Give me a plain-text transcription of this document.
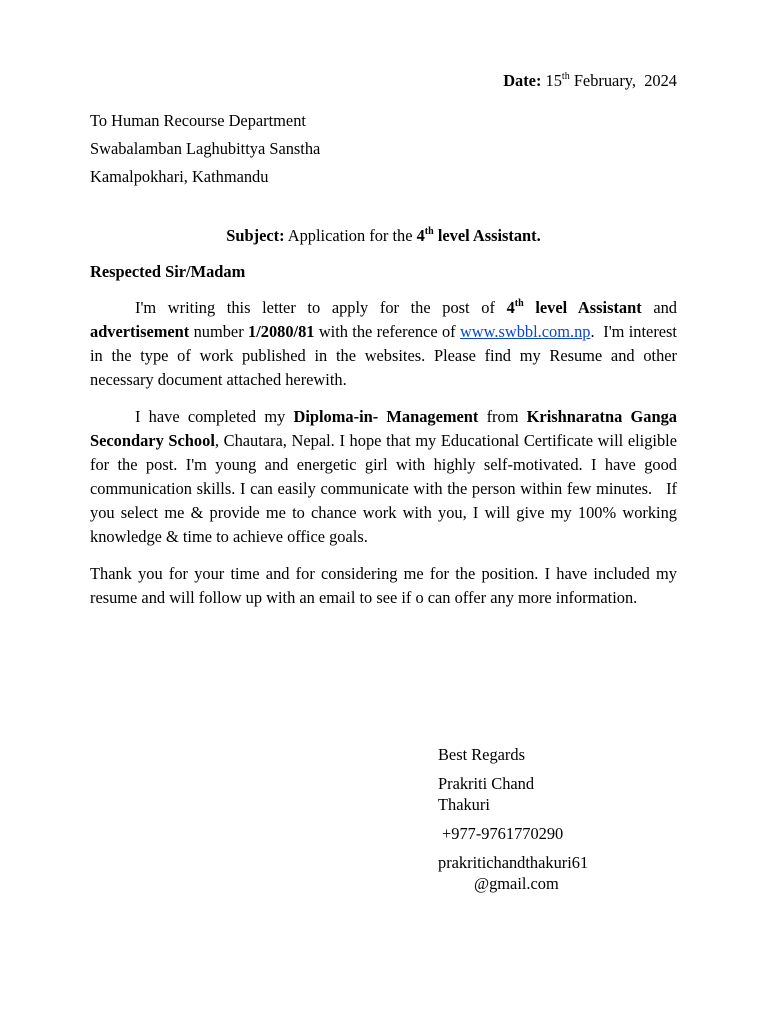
Date: 15th February,  2024
To Human Recourse Department
Swabalamban Laghubittya Sanstha
Kamalpokhari, Kathmandu
Subject: Application for the 4th level Assistant.
Respected Sir/Madam
I'm writing this letter to apply for the post of 4th level Assistant and advertisement number 1/2080/81 with the reference of www.swbbl.com.np.  I'm interest in the type of work published in the websites. Please find my Resume and other necessary document attached herewith.
I have completed my Diploma-in- Management from Krishnaratna Ganga Secondary School, Chautara, Nepal. I hope that my Educational Certificate will eligible for the post. I'm young and energetic girl with highly self-motivated. I have good communication skills. I can easily communicate with the person within few minutes.   If you select me & provide me to chance work with you, I will give my 100% working knowledge & time to achieve office goals.
Thank you for your time and for considering me for the position. I have included my resume and will follow up with an email to see if o can offer any more information.
Best Regards
Prakriti Chand
Thakuri
+977-9761770290
prakritichandthakuri61
@gmail.com
